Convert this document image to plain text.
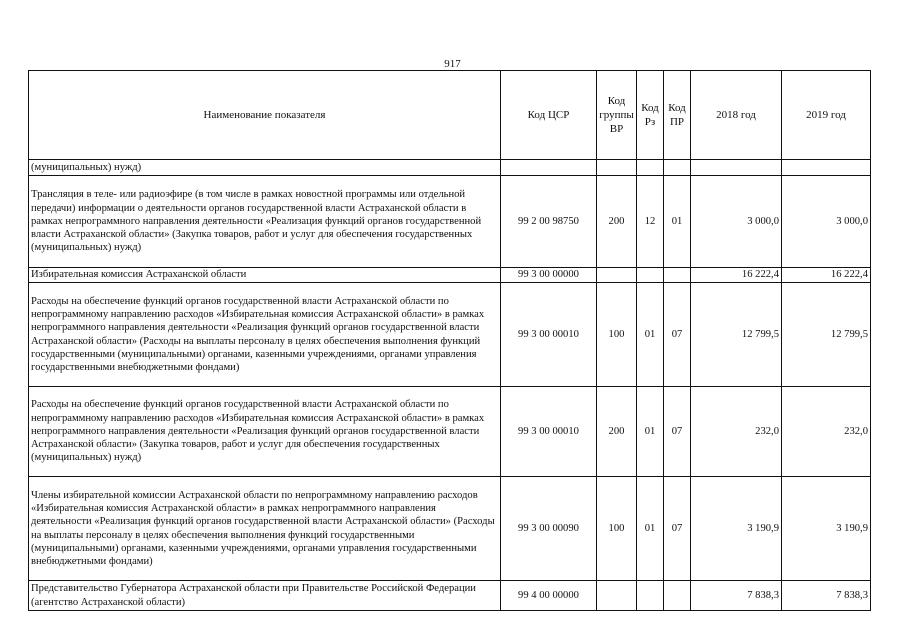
917
Наименование показателя	Код ЦСР	Код группы ВР	Код Рз	Код ПР	2018 год	2019 год
(муниципальных) нужд)						
Трансляция в теле- или радиоэфире (в том числе в рамках новостной программы или отдельной передачи) информации о деятельности органов государственной власти Астраханской области в рамках непрограммного направления деятельности «Реализация функций органов государственной власти Астраханской области» (Закупка товаров, работ и услуг для обеспечения государственных (муниципальных) нужд)	99 2 00 98750	200	12	01	3 000,0	3 000,0
Избирательная комиссия Астраханской области	99 3 00 00000				16 222,4	16 222,4
Расходы на обеспечение функций органов государственной власти Астраханской области по непрограммному направлению расходов «Избирательная комиссия Астраханской области» в рамках непрограммного направления деятельности «Реализация функций органов государственной власти Астраханской области» (Расходы на выплаты персоналу в целях обеспечения выполнения функций государственными (муниципальными) органами, казенными учреждениями, органами управления государственными внебюджетными фондами)	99 3 00 00010	100	01	07	12 799,5	12 799,5
Расходы на обеспечение функций органов государственной власти Астраханской области по непрограммному направлению расходов «Избирательная комиссия Астраханской области» в рамках непрограммного направления деятельности «Реализация функций органов государственной власти Астраханской области» (Закупка товаров, работ и услуг для обеспечения государственных (муниципальных) нужд)	99 3 00 00010	200	01	07	232,0	232,0
Члены избирательной комиссии Астраханской области по непрограммному направлению расходов «Избирательная комиссия Астраханской области» в рамках непрограммного направления деятельности «Реализация функций органов государственной власти Астраханской области» (Расходы на выплаты персоналу в целях обеспечения выполнения функций государственными (муниципальными) органами, казенными учреждениями, органами управления государственными внебюджетными фондами)	99 3 00 00090	100	01	07	3 190,9	3 190,9
Представительство Губернатора Астраханской области при Правительстве Российской Федерации (агентство Астраханской области)	99 4 00 00000				7 838,3	7 838,3
